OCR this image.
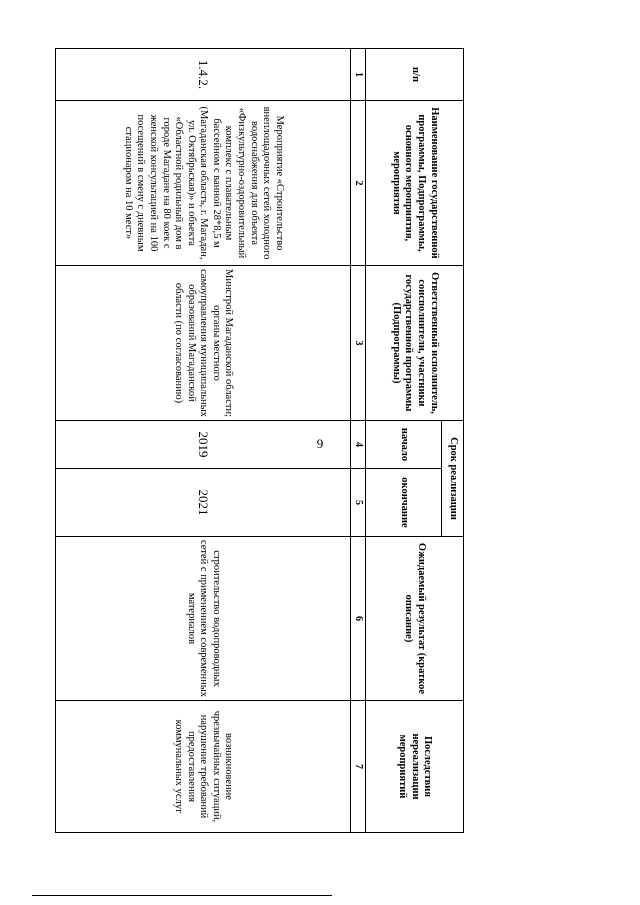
9
п/п	Наименование государственной программы, Подпрограммы, основного мероприятия, мероприятия	Ответственный исполнитель, соисполнители, участники государственной программы (Подпрограммы)	Срок реализации		Ожидаемый результат (краткое описание)	Последствия нереализации мероприятий
			начало	окончание		
1	2	3	4	5	6	7
1.4.2.	Мероприятие «Строительство внеплощадочных сетей холодного водоснабжения для объекта «Физкультурно-оздоровительный комплекс с плавательным бассейном с ванной 28*8,5 м (Магаданская область, г. Магадан, ул. Октябрьская)» и объекта «Областной родильный дом в городе Магадане на 80 коек с женской консультацией на 100 посещений в смену с дневным стационаром на 10 мест»	Минстрой Магаданской области; органы местного самоуправления муниципальных образований Магаданской области (по согласованию)	2019	2021	строительство водопроводных сетей с применением современных материалов	возникновение чрезвычайных ситуаций, нарушение требований предоставления коммунальных услуг
